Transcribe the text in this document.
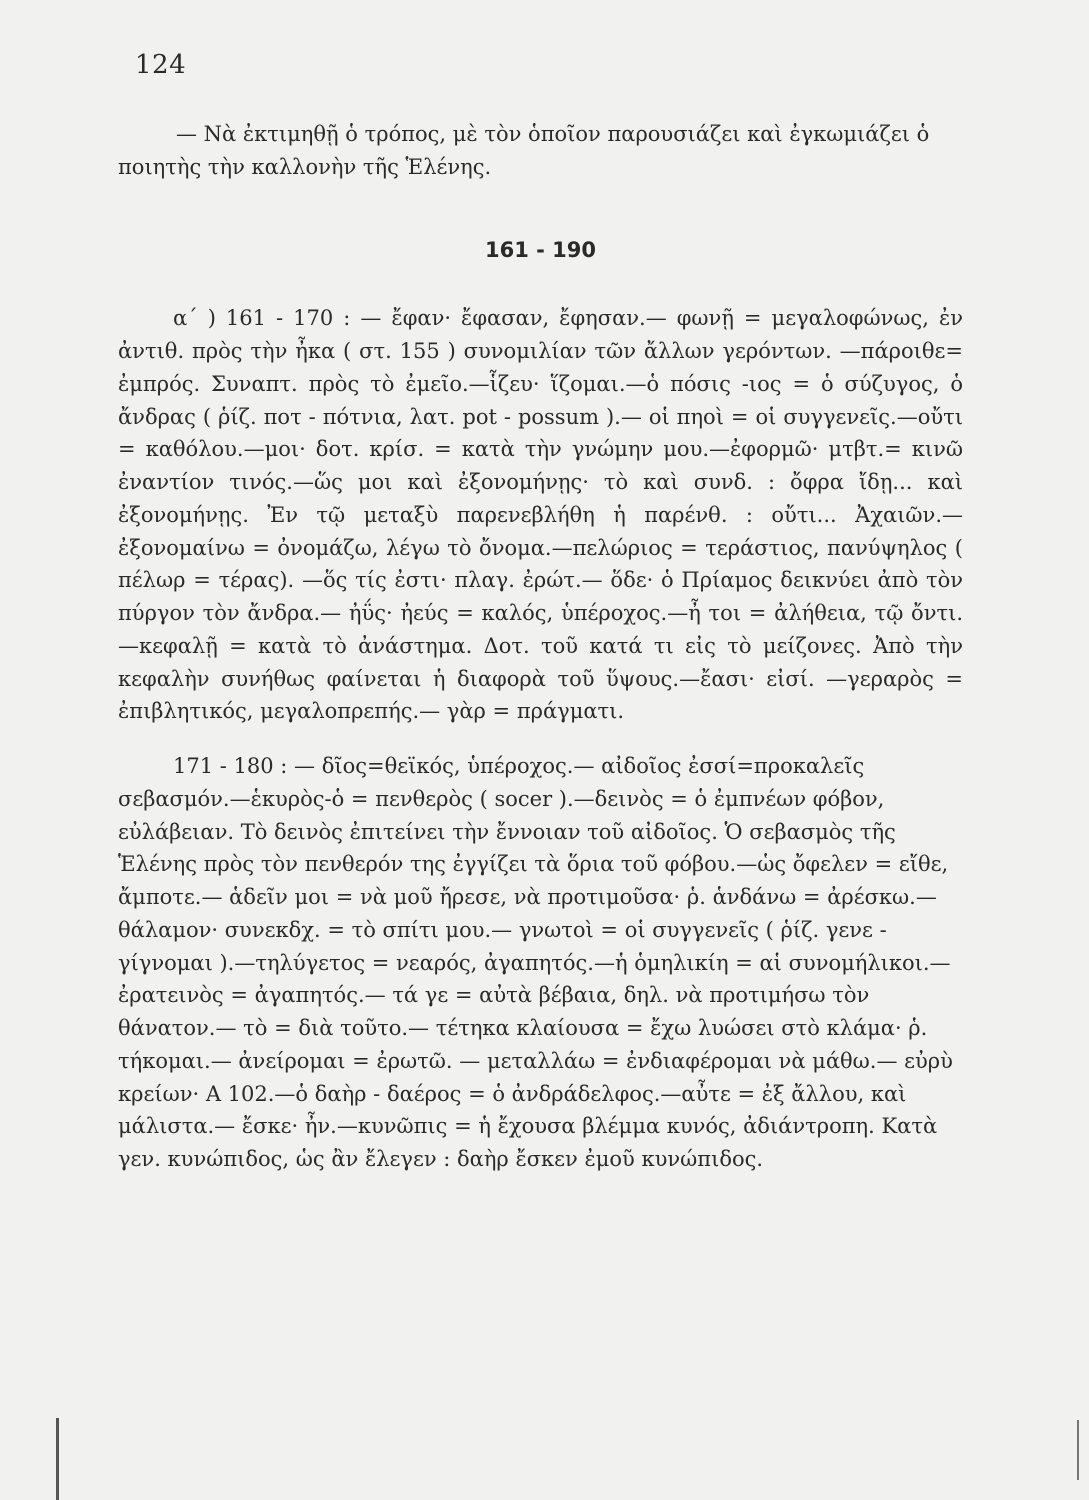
124

— Νὰ ἐκτιμηθῇ ὁ τρόπος, μὲ τὸν ὁποῖον παρουσιάζει καὶ ἐγκωμιάζει ὁ ποιητὴς τὴν καλλονὴν τῆς Ἑλένης.

161 - 190

α΄ ) 161 - 170 : — ἔφαν· ἔφασαν, ἔφησαν.— φωνῇ = μεγαλοφώνως, ἐν ἀντιθ. πρὸς τὴν ἦκα ( στ. 155 ) συνομιλίαν τῶν ἄλλων γερόντων. —πάροιθε= ἐμπρός. Συναπτ. πρὸς τὸ ἐμεῖο.—ἷζευ· ἵζομαι.—ὁ πόσις -ιος = ὁ σύζυγος, ὁ ἄνδρας ( ῥίζ. ποτ - πότνια, λατ. pot - possum ).— οἱ πηοὶ = οἱ συγγενεῖς.—οὔτι = καθόλου.—μοι· δοτ. κρίσ. = κατὰ τὴν γνώμην μου.—ἐφορμῶ· μτβτ.= κινῶ ἐναντίον τινός.—ὥς μοι καὶ ἐξονομήνῃς· τὸ καὶ συνδ. : ὄφρα ἴδῃ... καὶ ἐξονομήνῃς. Ἐν τῷ μεταξὺ παρενεβλήθη ἡ παρένθ. : οὔτι... Ἀχαιῶν.—ἐξονομαίνω = ὀνομάζω, λέγω τὸ ὄνομα.—πελώριος = τεράστιος, πανύψηλος ( πέλωρ = τέρας). —ὅς τίς ἐστι· πλαγ. ἐρώτ.— ὅδε· ὁ Πρίαμος δεικνύει ἀπὸ τὸν πύργον τὸν ἄνδρα.— ἠΰς· ἠεύς = καλός, ὑπέροχος.—ἦ τοι = ἀλήθεια, τῷ ὄντι.—κεφαλῇ = κατὰ τὸ ἀνάστημα. Δοτ. τοῦ κατά τι εἰς τὸ μείζονες. Ἀπὸ τὴν κεφαλὴν συνήθως φαίνεται ἡ διαφορὰ τοῦ ὕψους.—ἔασι· εἰσί. —γεραρὸς = ἐπιβλητικός, μεγαλοπρεπής.— γὰρ = πράγματι.

171 - 180 : — δῖος=θεϊκός, ὑπέροχος.— αἰδοῖος ἐσσί=προκαλεῖς σεβασμόν.—ἑκυρὸς-ὁ = πενθερὸς ( socer ).—δεινὸς = ὁ ἐμπνέων φόβον, εὐλάβειαν. Τὸ δεινὸς ἐπιτείνει τὴν ἔννοιαν τοῦ αἰδοῖος. Ὁ σεβασμὸς τῆς Ἑλένης πρὸς τὸν πενθερόν της ἐγγίζει τὰ ὅρια τοῦ φόβου.—ὡς ὄφελεν = εἴθε, ἄμποτε.— ἁδεῖν μοι = νὰ μοῦ ἤρεσε, νὰ προτιμοῦσα· ῥ. ἁνδάνω = ἀρέσκω.— θάλαμον· συνεκδχ. = τὸ σπίτι μου.— γνωτοὶ = οἱ συγγενεῖς ( ῥίζ. γενε - γίγνομαι ).—τηλύγετος = νεαρός, ἀγαπητός.—ἡ ὁμηλικίη = αἱ συνομήλικοι.—ἐρατεινὸς = ἀγαπητός.— τά γε = αὐτὰ βέβαια, δηλ. νὰ προτιμήσω τὸν θάνατον.— τὸ = διὰ τοῦτο.— τέτηκα κλαίουσα = ἔχω λυώσει στὸ κλάμα· ῥ. τήκομαι.— ἀνείρομαι = ἐρωτῶ. — μεταλλάω = ἐνδιαφέρομαι νὰ μάθω.— εὐρὺ κρείων· Α 102.—ὁ δαὴρ - δαέρος = ὁ ἀνδράδελφος.—αὖτε = ἐξ ἄλλου, καὶ μάλιστα.— ἔσκε· ἦν.—κυνῶπις = ἡ ἔχουσα βλέμμα κυνός, ἀδιάντροπη. Κατὰ γεν. κυνώπιδος, ὡς ἂν ἔλεγεν : δαὴρ ἔσκεν ἐμοῦ κυνώπιδος.
